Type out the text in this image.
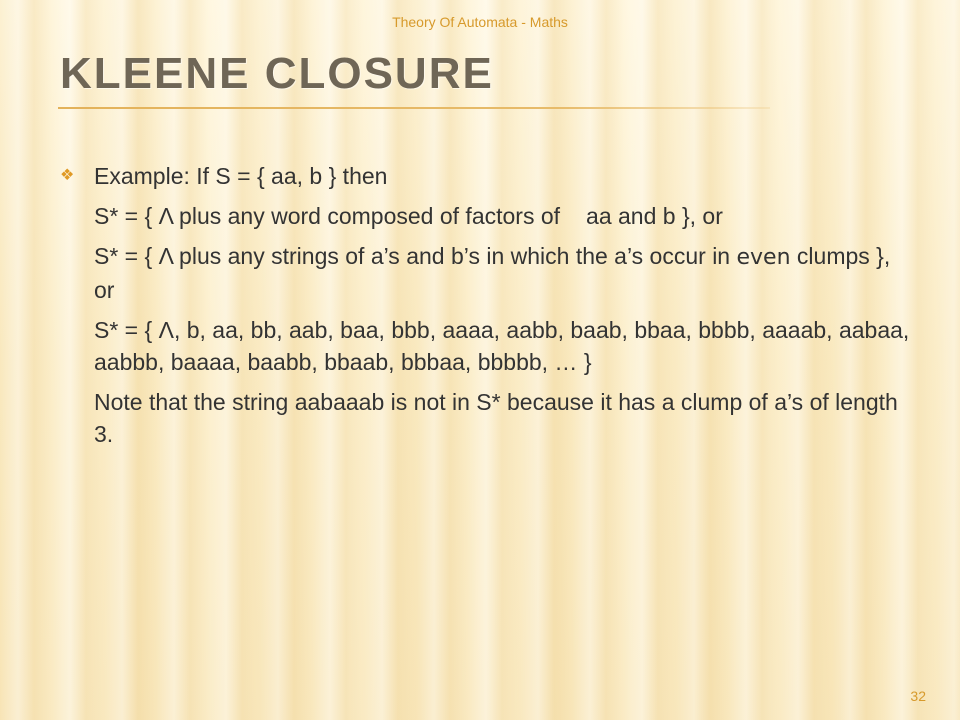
Theory Of Automata - Maths
KLEENE CLOSURE
❖ Example: If S = { aa, b } then

S* = { Λ plus any word composed of factors of aa and b }, or

S* = { Λ plus any strings of a’s and b’s in which the a’s occur in even clumps }, or

S* = { Λ, b, aa, bb, aab, baa, bbb, aaaa, aabb, baab, bbaa, bbbb, aaaab, aabaa, aabbb, baaaa, baabb, bbaab, bbbaa, bbbbb, … }

Note that the string aabaaab is not in S* because it has a clump of a’s of length 3.

32
